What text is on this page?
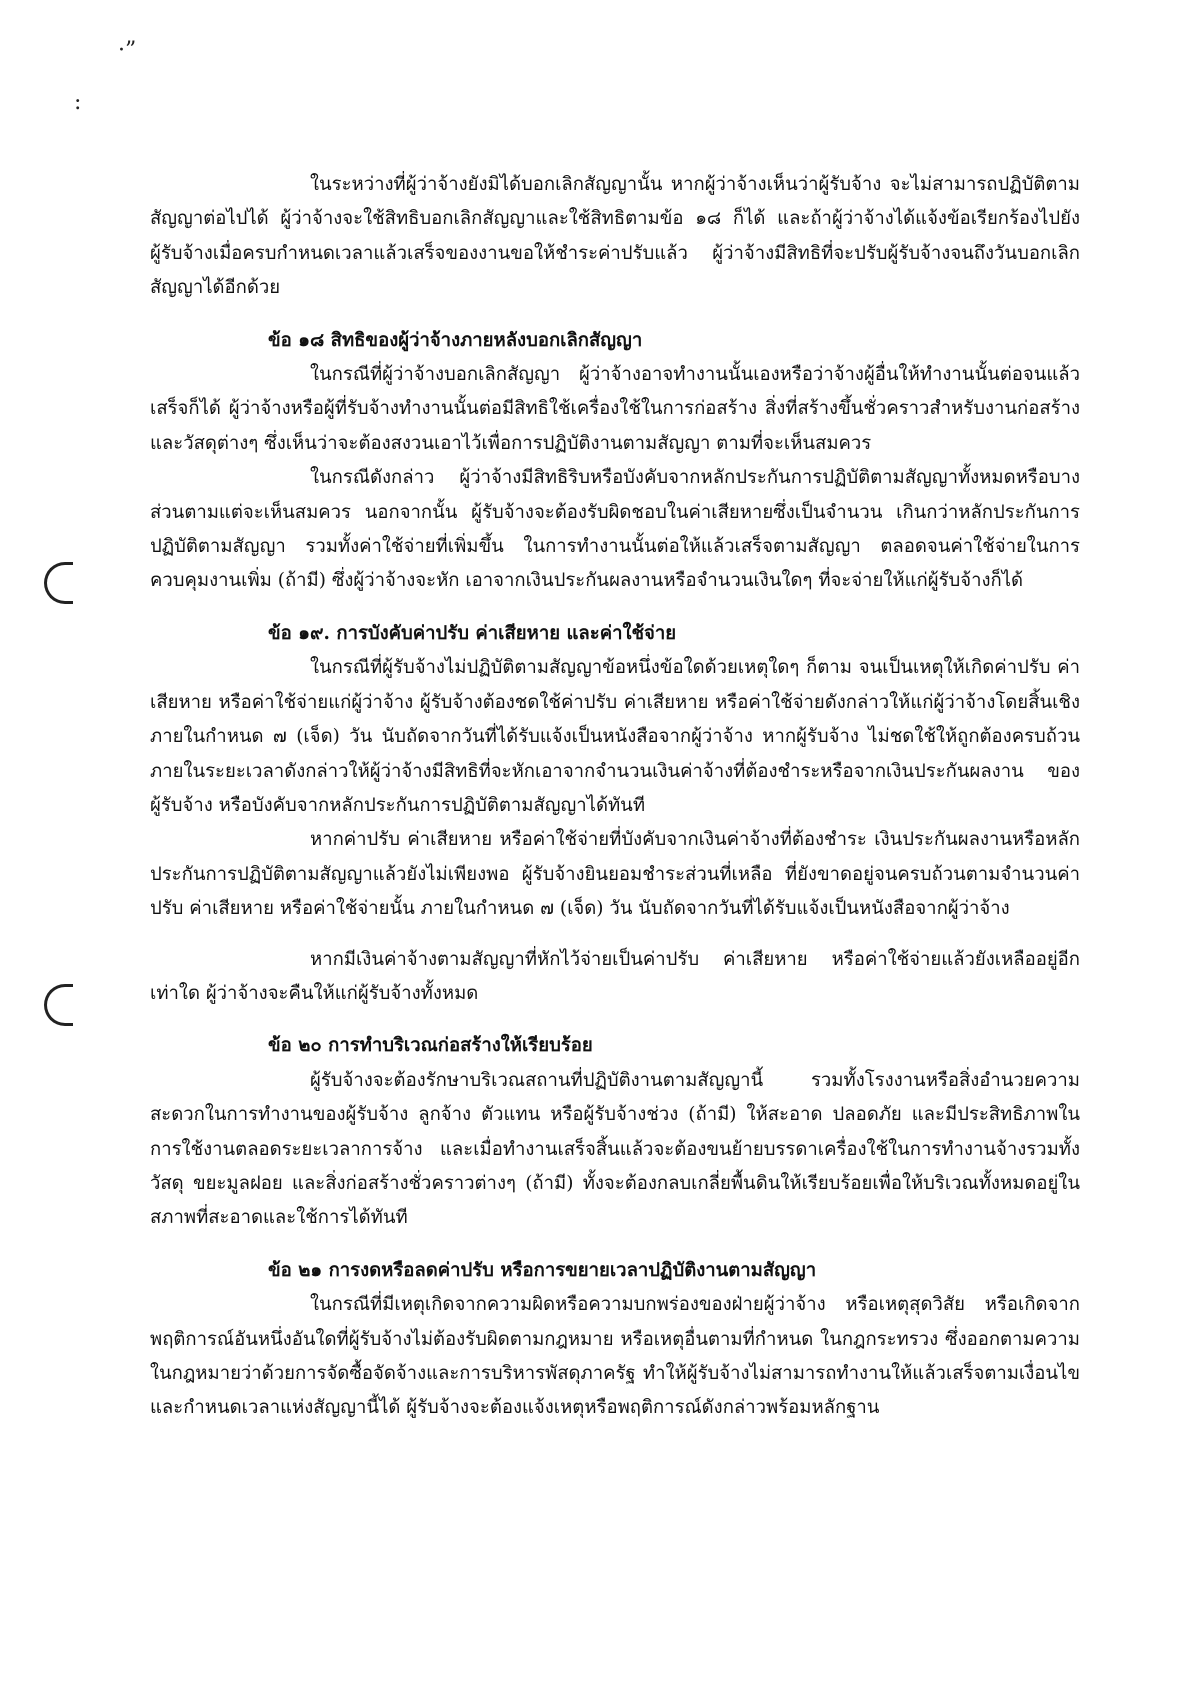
·”
:

ในระหว่างที่ผู้ว่าจ้างยังมิได้บอกเลิกสัญญานั้น หากผู้ว่าจ้างเห็นว่าผู้รับจ้าง จะไม่สามารถปฏิบัติตามสัญญาต่อไปได้ ผู้ว่าจ้างจะใช้สิทธิบอกเลิกสัญญาและใช้สิทธิตามข้อ ๑๘ ก็ได้ และถ้าผู้ว่าจ้างได้แจ้งข้อเรียกร้องไปยังผู้รับจ้างเมื่อครบกำหนดเวลาแล้วเสร็จของงานขอให้ชำระค่าปรับแล้ว ผู้ว่าจ้างมีสิทธิที่จะปรับผู้รับจ้างจนถึงวันบอกเลิกสัญญาได้อีกด้วย

ข้อ ๑๘ สิทธิของผู้ว่าจ้างภายหลังบอกเลิกสัญญา

ในกรณีที่ผู้ว่าจ้างบอกเลิกสัญญา ผู้ว่าจ้างอาจทำงานนั้นเองหรือว่าจ้างผู้อื่นให้ทำงานนั้นต่อจนแล้วเสร็จก็ได้ ผู้ว่าจ้างหรือผู้ที่รับจ้างทำงานนั้นต่อมีสิทธิใช้เครื่องใช้ในการก่อสร้าง สิ่งที่สร้างขึ้นชั่วคราวสำหรับงานก่อสร้าง และวัสดุต่างๆ ซึ่งเห็นว่าจะต้องสงวนเอาไว้เพื่อการปฏิบัติงานตามสัญญา ตามที่จะเห็นสมควร

ในกรณีดังกล่าว ผู้ว่าจ้างมีสิทธิริบหรือบังคับจากหลักประกันการปฏิบัติตามสัญญาทั้งหมดหรือบางส่วนตามแต่จะเห็นสมควร นอกจากนั้น ผู้รับจ้างจะต้องรับผิดชอบในค่าเสียหายซึ่งเป็นจำนวน เกินกว่าหลักประกันการปฏิบัติตามสัญญา รวมทั้งค่าใช้จ่ายที่เพิ่มขึ้น ในการทำงานนั้นต่อให้แล้วเสร็จตามสัญญา ตลอดจนค่าใช้จ่ายในการควบคุมงานเพิ่ม (ถ้ามี) ซึ่งผู้ว่าจ้างจะหัก เอาจากเงินประกันผลงานหรือจำนวนเงินใดๆ ที่จะจ่ายให้แก่ผู้รับจ้างก็ได้

ข้อ ๑๙. การบังคับค่าปรับ ค่าเสียหาย และค่าใช้จ่าย

ในกรณีที่ผู้รับจ้างไม่ปฏิบัติตามสัญญาข้อหนึ่งข้อใดด้วยเหตุใดๆ ก็ตาม จนเป็นเหตุให้เกิดค่าปรับ ค่าเสียหาย หรือค่าใช้จ่ายแก่ผู้ว่าจ้าง ผู้รับจ้างต้องชดใช้ค่าปรับ ค่าเสียหาย หรือค่าใช้จ่ายดังกล่าวให้แก่ผู้ว่าจ้างโดยสิ้นเชิงภายในกำหนด ๗ (เจ็ด) วัน นับถัดจากวันที่ได้รับแจ้งเป็นหนังสือจากผู้ว่าจ้าง หากผู้รับจ้าง ไม่ชดใช้ให้ถูกต้องครบถ้วนภายในระยะเวลาดังกล่าวให้ผู้ว่าจ้างมีสิทธิที่จะหักเอาจากจำนวนเงินค่าจ้างที่ต้องชำระหรือจากเงินประกันผลงาน ของผู้รับจ้าง หรือบังคับจากหลักประกันการปฏิบัติตามสัญญาได้ทันที

หากค่าปรับ ค่าเสียหาย หรือค่าใช้จ่ายที่บังคับจากเงินค่าจ้างที่ต้องชำระ เงินประกันผลงานหรือหลักประกันการปฏิบัติตามสัญญาแล้วยังไม่เพียงพอ ผู้รับจ้างยินยอมชำระส่วนที่เหลือ ที่ยังขาดอยู่จนครบถ้วนตามจำนวนค่าปรับ ค่าเสียหาย หรือค่าใช้จ่ายนั้น ภายในกำหนด ๗ (เจ็ด) วัน นับถัดจากวันที่ได้รับแจ้งเป็นหนังสือจากผู้ว่าจ้าง

หากมีเงินค่าจ้างตามสัญญาที่หักไว้จ่ายเป็นค่าปรับ ค่าเสียหาย หรือค่าใช้จ่ายแล้วยังเหลืออยู่อีกเท่าใด ผู้ว่าจ้างจะคืนให้แก่ผู้รับจ้างทั้งหมด

ข้อ ๒๐ การทำบริเวณก่อสร้างให้เรียบร้อย

ผู้รับจ้างจะต้องรักษาบริเวณสถานที่ปฏิบัติงานตามสัญญานี้ รวมทั้งโรงงานหรือสิ่งอำนวยความสะดวกในการทำงานของผู้รับจ้าง ลูกจ้าง ตัวแทน หรือผู้รับจ้างช่วง (ถ้ามี) ให้สะอาด ปลอดภัย และมีประสิทธิภาพในการใช้งานตลอดระยะเวลาการจ้าง และเมื่อทำงานเสร็จสิ้นแล้วจะต้องขนย้ายบรรดาเครื่องใช้ในการทำงานจ้างรวมทั้งวัสดุ ขยะมูลฝอย และสิ่งก่อสร้างชั่วคราวต่างๆ (ถ้ามี) ทั้งจะต้องกลบเกลี่ยพื้นดินให้เรียบร้อยเพื่อให้บริเวณทั้งหมดอยู่ในสภาพที่สะอาดและใช้การได้ทันที

ข้อ ๒๑ การงดหรือลดค่าปรับ หรือการขยายเวลาปฏิบัติงานตามสัญญา

ในกรณีที่มีเหตุเกิดจากความผิดหรือความบกพร่องของฝ่ายผู้ว่าจ้าง หรือเหตุสุดวิสัย หรือเกิดจากพฤติการณ์อันหนึ่งอันใดที่ผู้รับจ้างไม่ต้องรับผิดตามกฎหมาย หรือเหตุอื่นตามที่กำหนด ในกฎกระทรวง ซึ่งออกตามความในกฎหมายว่าด้วยการจัดซื้อจัดจ้างและการบริหารพัสดุภาครัฐ ทำให้ผู้รับจ้างไม่สามารถทำงานให้แล้วเสร็จตามเงื่อนไขและกำหนดเวลาแห่งสัญญานี้ได้ ผู้รับจ้างจะต้องแจ้งเหตุหรือพฤติการณ์ดังกล่าวพร้อมหลักฐาน
